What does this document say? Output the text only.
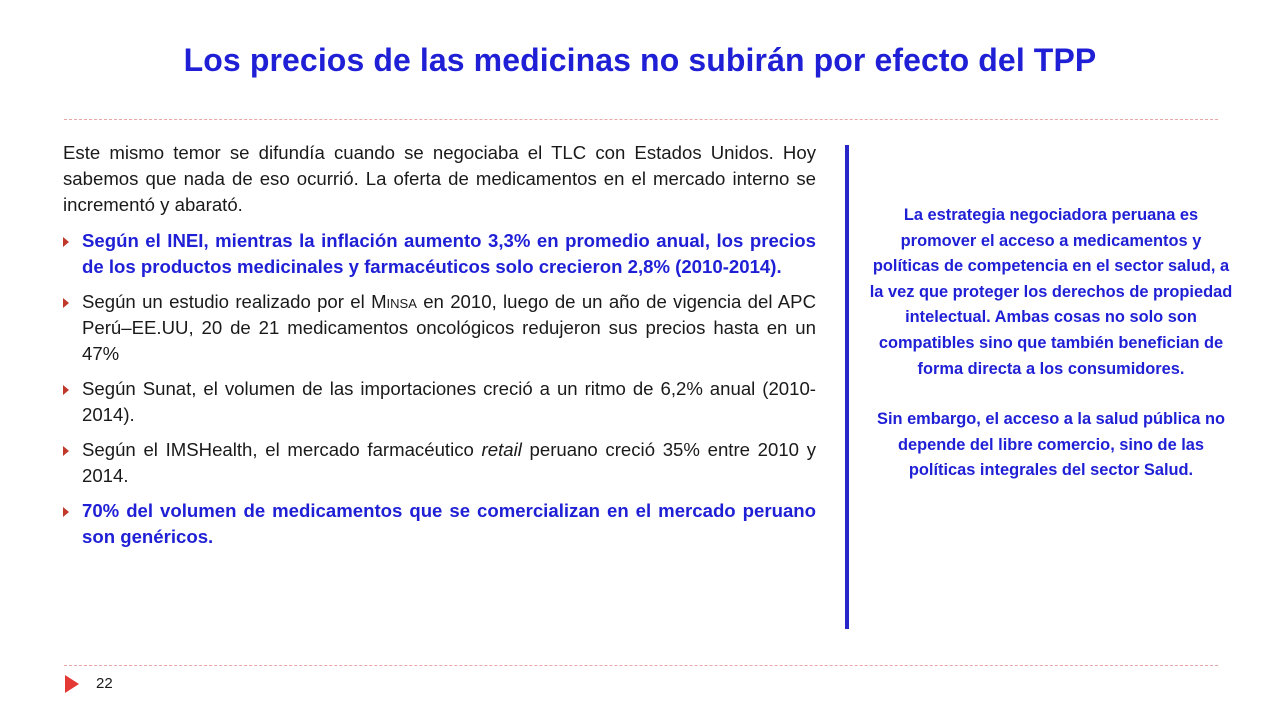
Los precios de las medicinas no subirán por efecto del TPP

Este mismo temor se difundía cuando se negociaba el TLC con Estados Unidos. Hoy sabemos que nada de eso ocurrió. La oferta de medicamentos en el mercado interno se incrementó y abarató.

Según el INEI, mientras la inflación aumento 3,3% en promedio anual, los precios de los productos medicinales y farmacéuticos solo crecieron 2,8% (2010-2014).
Según un estudio realizado por el Minsa en 2010, luego de un año de vigencia del APC Perú–EE.UU, 20 de 21 medicamentos oncológicos redujeron sus precios hasta en un 47%
Según Sunat, el volumen de las importaciones creció a un ritmo de 6,2% anual (2010-2014).
Según el IMSHealth, el mercado farmacéutico retail peruano creció 35% entre 2010 y 2014.
70% del volumen de medicamentos que se comercializan en el mercado peruano son genéricos.

La estrategia negociadora peruana es promover el acceso a medicamentos y políticas de competencia en el sector salud, a la vez que proteger los derechos de propiedad intelectual. Ambas cosas no solo son compatibles sino que también benefician de forma directa a los consumidores.

Sin embargo, el acceso a la salud pública no depende del libre comercio, sino de las políticas integrales del sector Salud.

22
